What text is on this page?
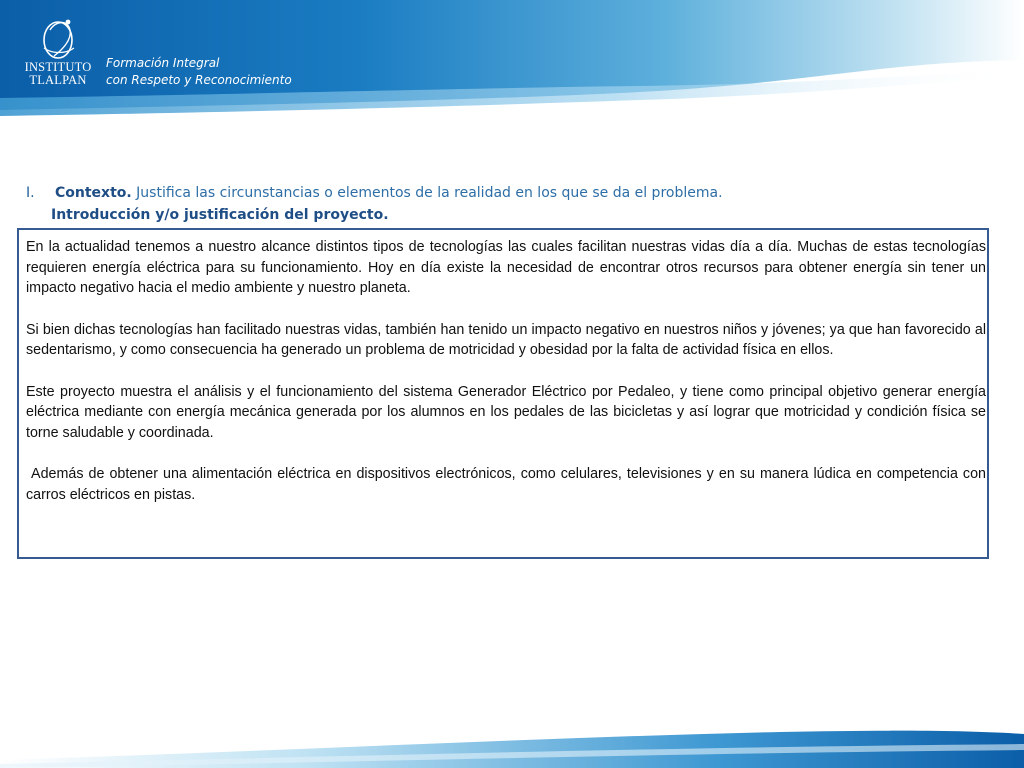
INSTITUTO
TLALPAN
Formación Integral
con Respeto y Reconocimiento
I. Contexto. Justifica las circunstancias o elementos de la realidad en los que se da el problema.
Introducción y/o justificación del proyecto.

En la actualidad tenemos a nuestro alcance distintos tipos de tecnologías las cuales facilitan nuestras vidas día a día. Muchas de estas tecnologías requieren energía eléctrica para su funcionamiento. Hoy en día existe la necesidad de encontrar otros recursos para obtener energía sin tener un impacto negativo hacia el medio ambiente y nuestro planeta.

Si bien dichas tecnologías han facilitado nuestras vidas, también han tenido un impacto negativo en nuestros niños y jóvenes; ya que han favorecido al sedentarismo, y como consecuencia ha generado un problema de motricidad y obesidad por la falta de actividad física en ellos.

Este proyecto muestra el análisis y el funcionamiento del sistema Generador Eléctrico por Pedaleo, y tiene como principal objetivo generar energía eléctrica mediante con energía mecánica generada por los alumnos en los pedales de las bicicletas y así lograr que motricidad y condición física se torne saludable y coordinada.

Además de obtener una alimentación eléctrica en dispositivos electrónicos, como celulares, televisiones y en su manera lúdica en competencia con carros eléctricos en pistas.
